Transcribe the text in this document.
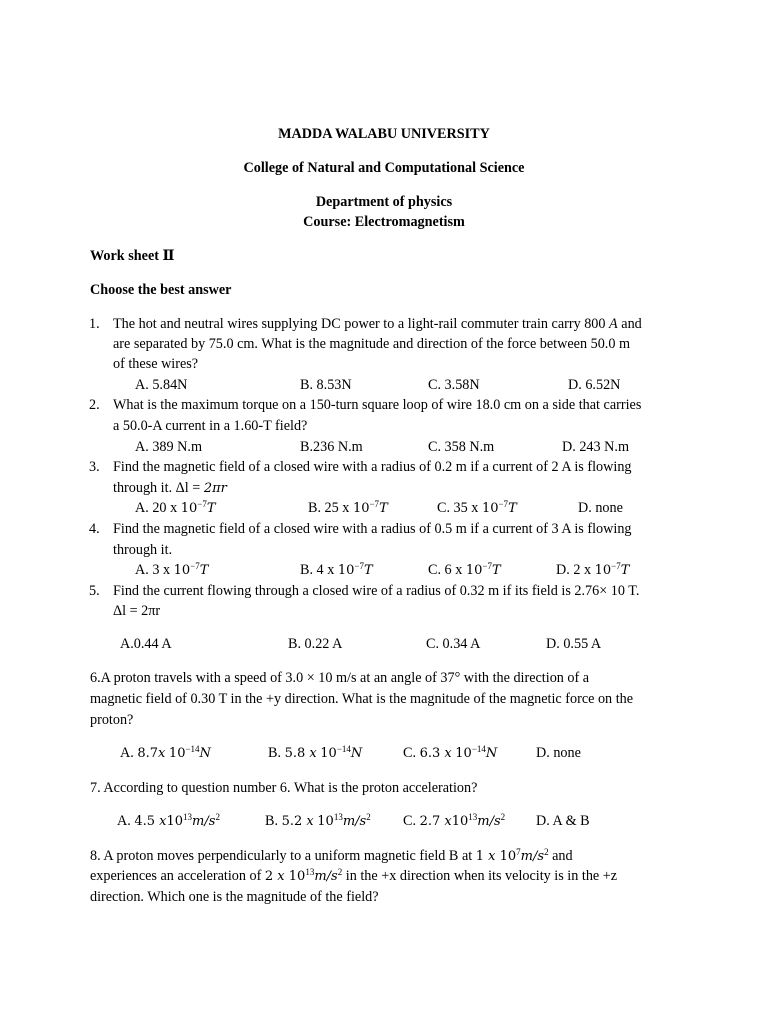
MADDA WALABU UNIVERSITY
College of Natural and Computational Science
Department of physics
Course: Electromagnetism
Work sheet Ⅱ
Choose the best answer
1. The hot and neutral wires supplying DC power to a light-rail commuter train carry 800 A and
are separated by 75.0 cm. What is the magnitude and direction of the force between 50.0 m
of these wires?
A. 5.84N	B. 8.53N	C. 3.58N	D. 6.52N
2. What is the maximum torque on a 150-turn square loop of wire 18.0 cm on a side that carries
a 50.0-A current in a 1.60-T field?
A. 389 N.m	B.236 N.m	C. 358 N.m	D. 243 N.m
3. Find the magnetic field of a closed wire with a radius of 0.2 m if a current of 2 A is flowing
through it. Δl = 2πr
A. 20 x $10^{-7}T$	B. 25 x $10^{-7}T$	C. 35 x $10^{-7}T$	D. none
4. Find the magnetic field of a closed wire with a radius of 0.5 m if a current of 3 A is flowing
through it.
A. 3 x $10^{-7}T$	B. 4 x $10^{-7}T$	C. 6 x $10^{-7}T$	D. 2 x $10^{-7}T$
5. Find the current flowing through a closed wire of a radius of 0.32 m if its field is 2.76× 10 T.
Δl = 2πr
A.0.44 A	B. 0.22 A	C. 0.34 A	D. 0.55 A
6.A proton travels with a speed of 3.0 × 10 m/s at an angle of 37° with the direction of a
magnetic field of 0.30 T in the +y direction. What is the magnitude of the magnetic force on the
proton?
A. 8.7x $10^{-14}N$	B. 5.8 x $10^{-14}N$	C. 6.3 x $10^{-14}N$	D. none
7. According to question number 6. What is the proton acceleration?
A. 4.5 $x10^{13}m/s^2$	B. 5.2 x $10^{13}m/s^2$ C. 2.7 $x10^{13}m/s^2$ D. A & B
8. A proton moves perpendicularly to a uniform magnetic field B at 1 x $10^7m/s^2$ and
experiences an acceleration of 2 x $10^{13}m/s^2$ in the +x direction when its velocity is in the +z
direction. Which one is the magnitude of the field?
